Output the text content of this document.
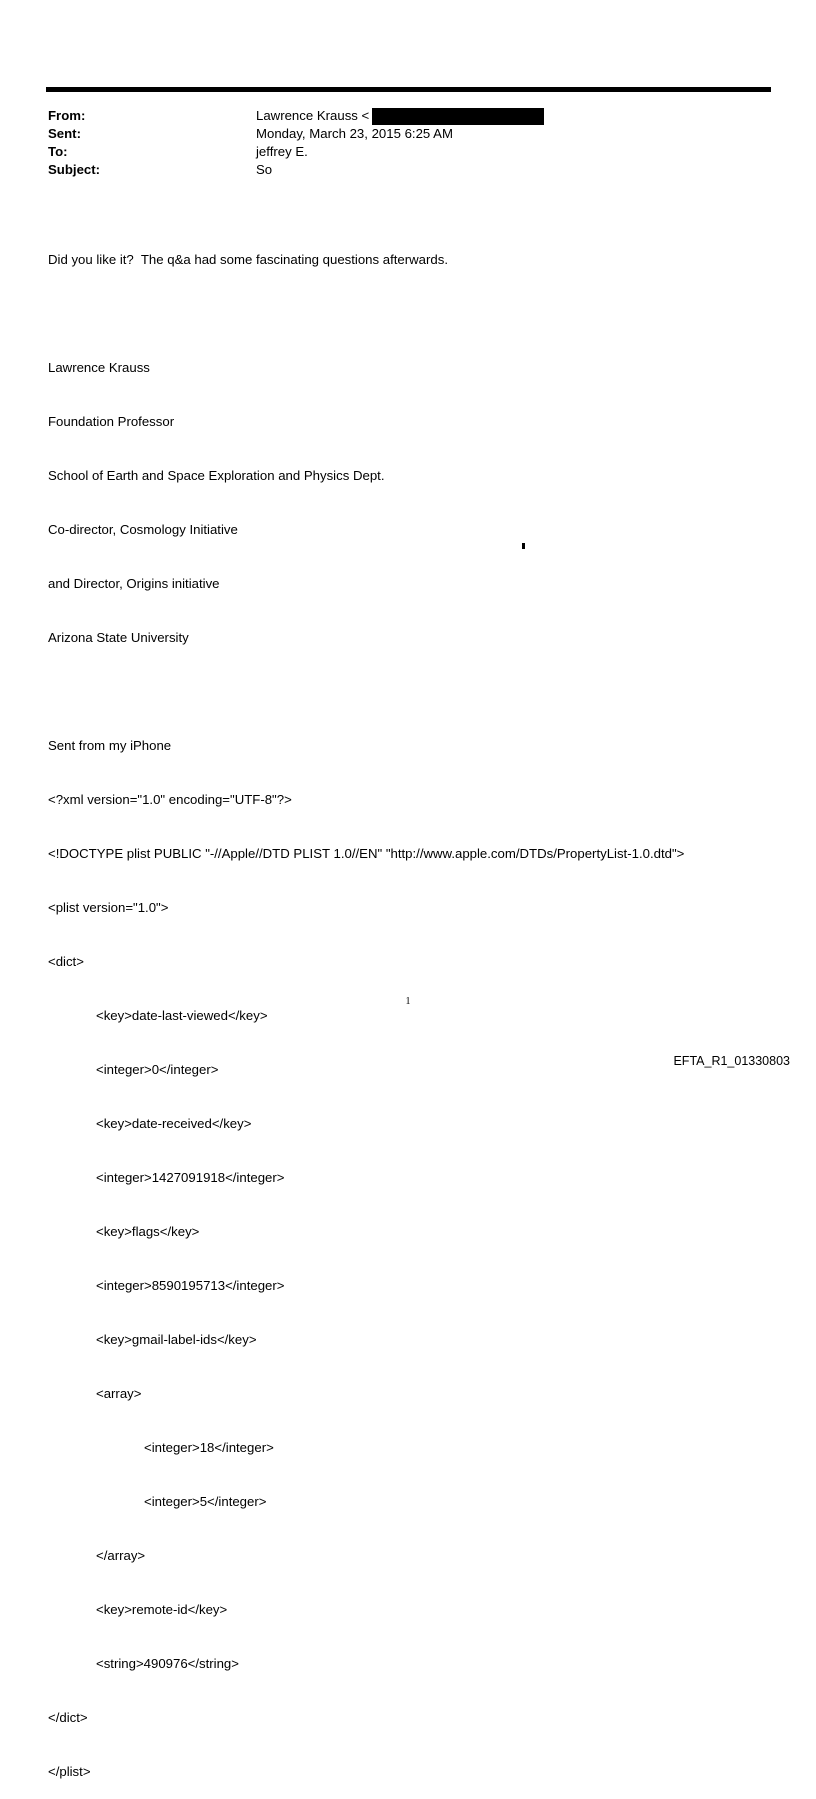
From:	Lawrence Krauss <
Sent:	Monday, March 23, 2015 6:25 AM
To:	jeffrey E.
Subject:	So

Did you like it?  The q&a had some fascinating questions afterwards.

Lawrence Krauss

Foundation Professor

School of Earth and Space Exploration and Physics Dept.

Co-director, Cosmology Initiative

and Director, Origins initiative

Arizona State University

Sent from my iPhone

<?xml version="1.0" encoding="UTF-8"?>

<!DOCTYPE plist PUBLIC "-//Apple//DTD PLIST 1.0//EN" "http://www.apple.com/DTDs/PropertyList-1.0.dtd">

<plist version="1.0">

<dict>

<key>date-last-viewed</key>

<integer>0</integer>

<key>date-received</key>

<integer>1427091918</integer>

<key>flags</key>

<integer>8590195713</integer>

<key>gmail-label-ids</key>

<array>

<integer>18</integer>

<integer>5</integer>

</array>

<key>remote-id</key>

<string>490976</string>

</dict>

</plist>

1
EFTA_R1_01330803
